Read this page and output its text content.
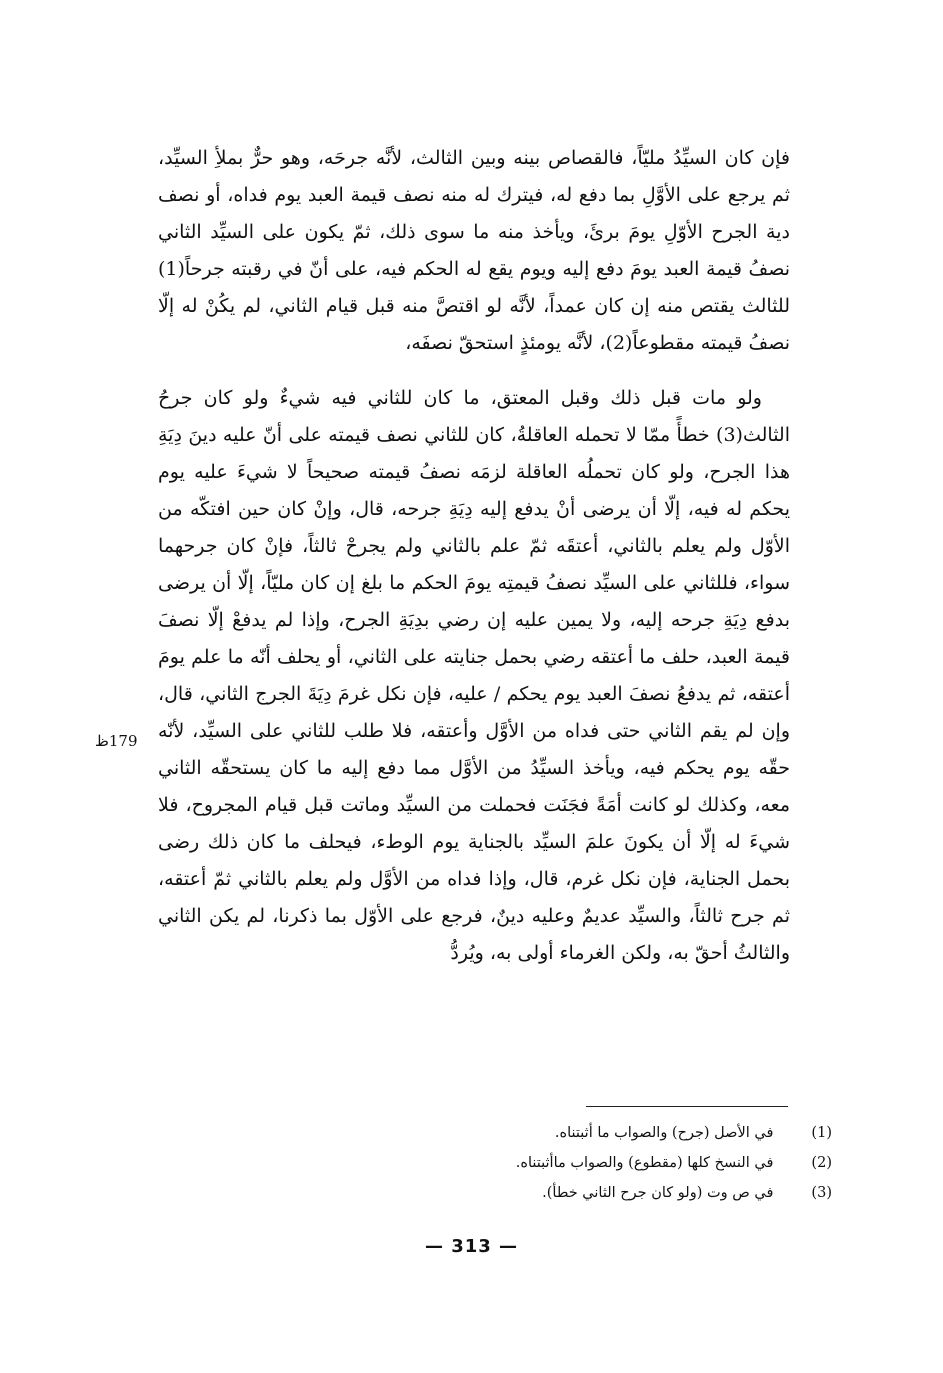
فإن كان السيِّدُ مليّاً، فالقصاص بينه وبين الثالث، لأنَّه جرحَه، وهو حرٌّ بملأِ السيِّد، ثم يرجع على الأوَّلِ بما دفع له، فيترك له منه نصف قيمة العبد يوم فداه، أو نصف دية الجرح الأوّلِ يومَ برئَ، ويأخذ منه ما سوى ذلك، ثمّ يكون على السيِّد الثاني نصفُ قيمة العبد يومَ دفع إليه ويوم يقع له الحكم فيه، على أنّ في رقبته جرحاً(1) للثالث يقتص منه إن كان عمداً، لأنَّه لو اقتصَّ منه قبل قيام الثاني، لم يكُنْ له إلّا نصفُ قيمته مقطوعاً(2)، لأنَّه يومئذٍ استحقّ نصفَه،

ولو مات قبل ذلك وقبل المعتق، ما كان للثاني فيه شيءٌ ولو كان جرحُ الثالث(3) خطأً ممّا لا تحمله العاقلةُ، كان للثاني نصف قيمته على أنّ عليه دينَ دِيَةِ هذا الجرح، ولو كان تحملُه العاقلة لزمَه نصفُ قيمته صحيحاً لا شيءَ عليه يوم يحكم له فيه، إلّا أن يرضى أنْ يدفع إليه دِيَةِ جرحه، قال، وإنْ كان حين افتكّه من الأوّل ولم يعلم بالثاني، أعتقَه ثمّ علم بالثاني ولم يجرحْ ثالثاً، فإنْ كان جرحهما سواء، فللثاني على السيِّد نصفُ قيمتِه يومَ الحكم ما بلغ إن كان مليّاً، إلّا أن يرضى بدفع دِيَةِ جرحه إليه، ولا يمين عليه إن رضي بدِيَةِ الجرح، وإذا لم يدفعْ إلّا نصفَ قيمة العبد، حلف ما أعتقه رضي بحمل جنايته على الثاني، أو يحلف أنّه ما علم يومَ أعتقه، ثم يدفعُ نصفَ العبد يوم يحكم / عليه، فإن نكل غرمَ دِيَةَ الجرج الثاني، قال، وإن لم يقم الثاني حتى فداه من الأوَّل وأعتقه، فلا طلب للثاني على السيِّد، لأنّه حقّه يوم يحكم فيه، ويأخذ السيِّدُ من الأوَّل مما دفع إليه ما كان يستحقّه الثاني معه، وكذلك لو كانت أمَةً فجَنَت فحملت من السيِّد وماتت قبل قيام المجروح، فلا شيءَ له إلّا أن يكونَ علمَ السيِّد بالجناية يوم الوطء، فيحلف ما كان ذلك رضى بحمل الجناية، فإن نكل غرم، قال، وإذا فداه من الأوَّل ولم يعلم بالثاني ثمّ أعتقه، ثم جرح ثالثاً، والسيِّد عديمٌ وعليه دينٌ، فرجع على الأوّل بما ذكرنا، لم يكن الثاني والثالثُ أحقّ به، ولكن الغرماء أولى به، ويُردُّ

179ظ
(1) في الأصل (جرح) والصواب ما أثبتناه.
(2) في النسخ كلها (مقطوع) والصواب ماأثبتناه.
(3) في ص وت (ولو كان جرح الثاني خطأ).
— 313 —
